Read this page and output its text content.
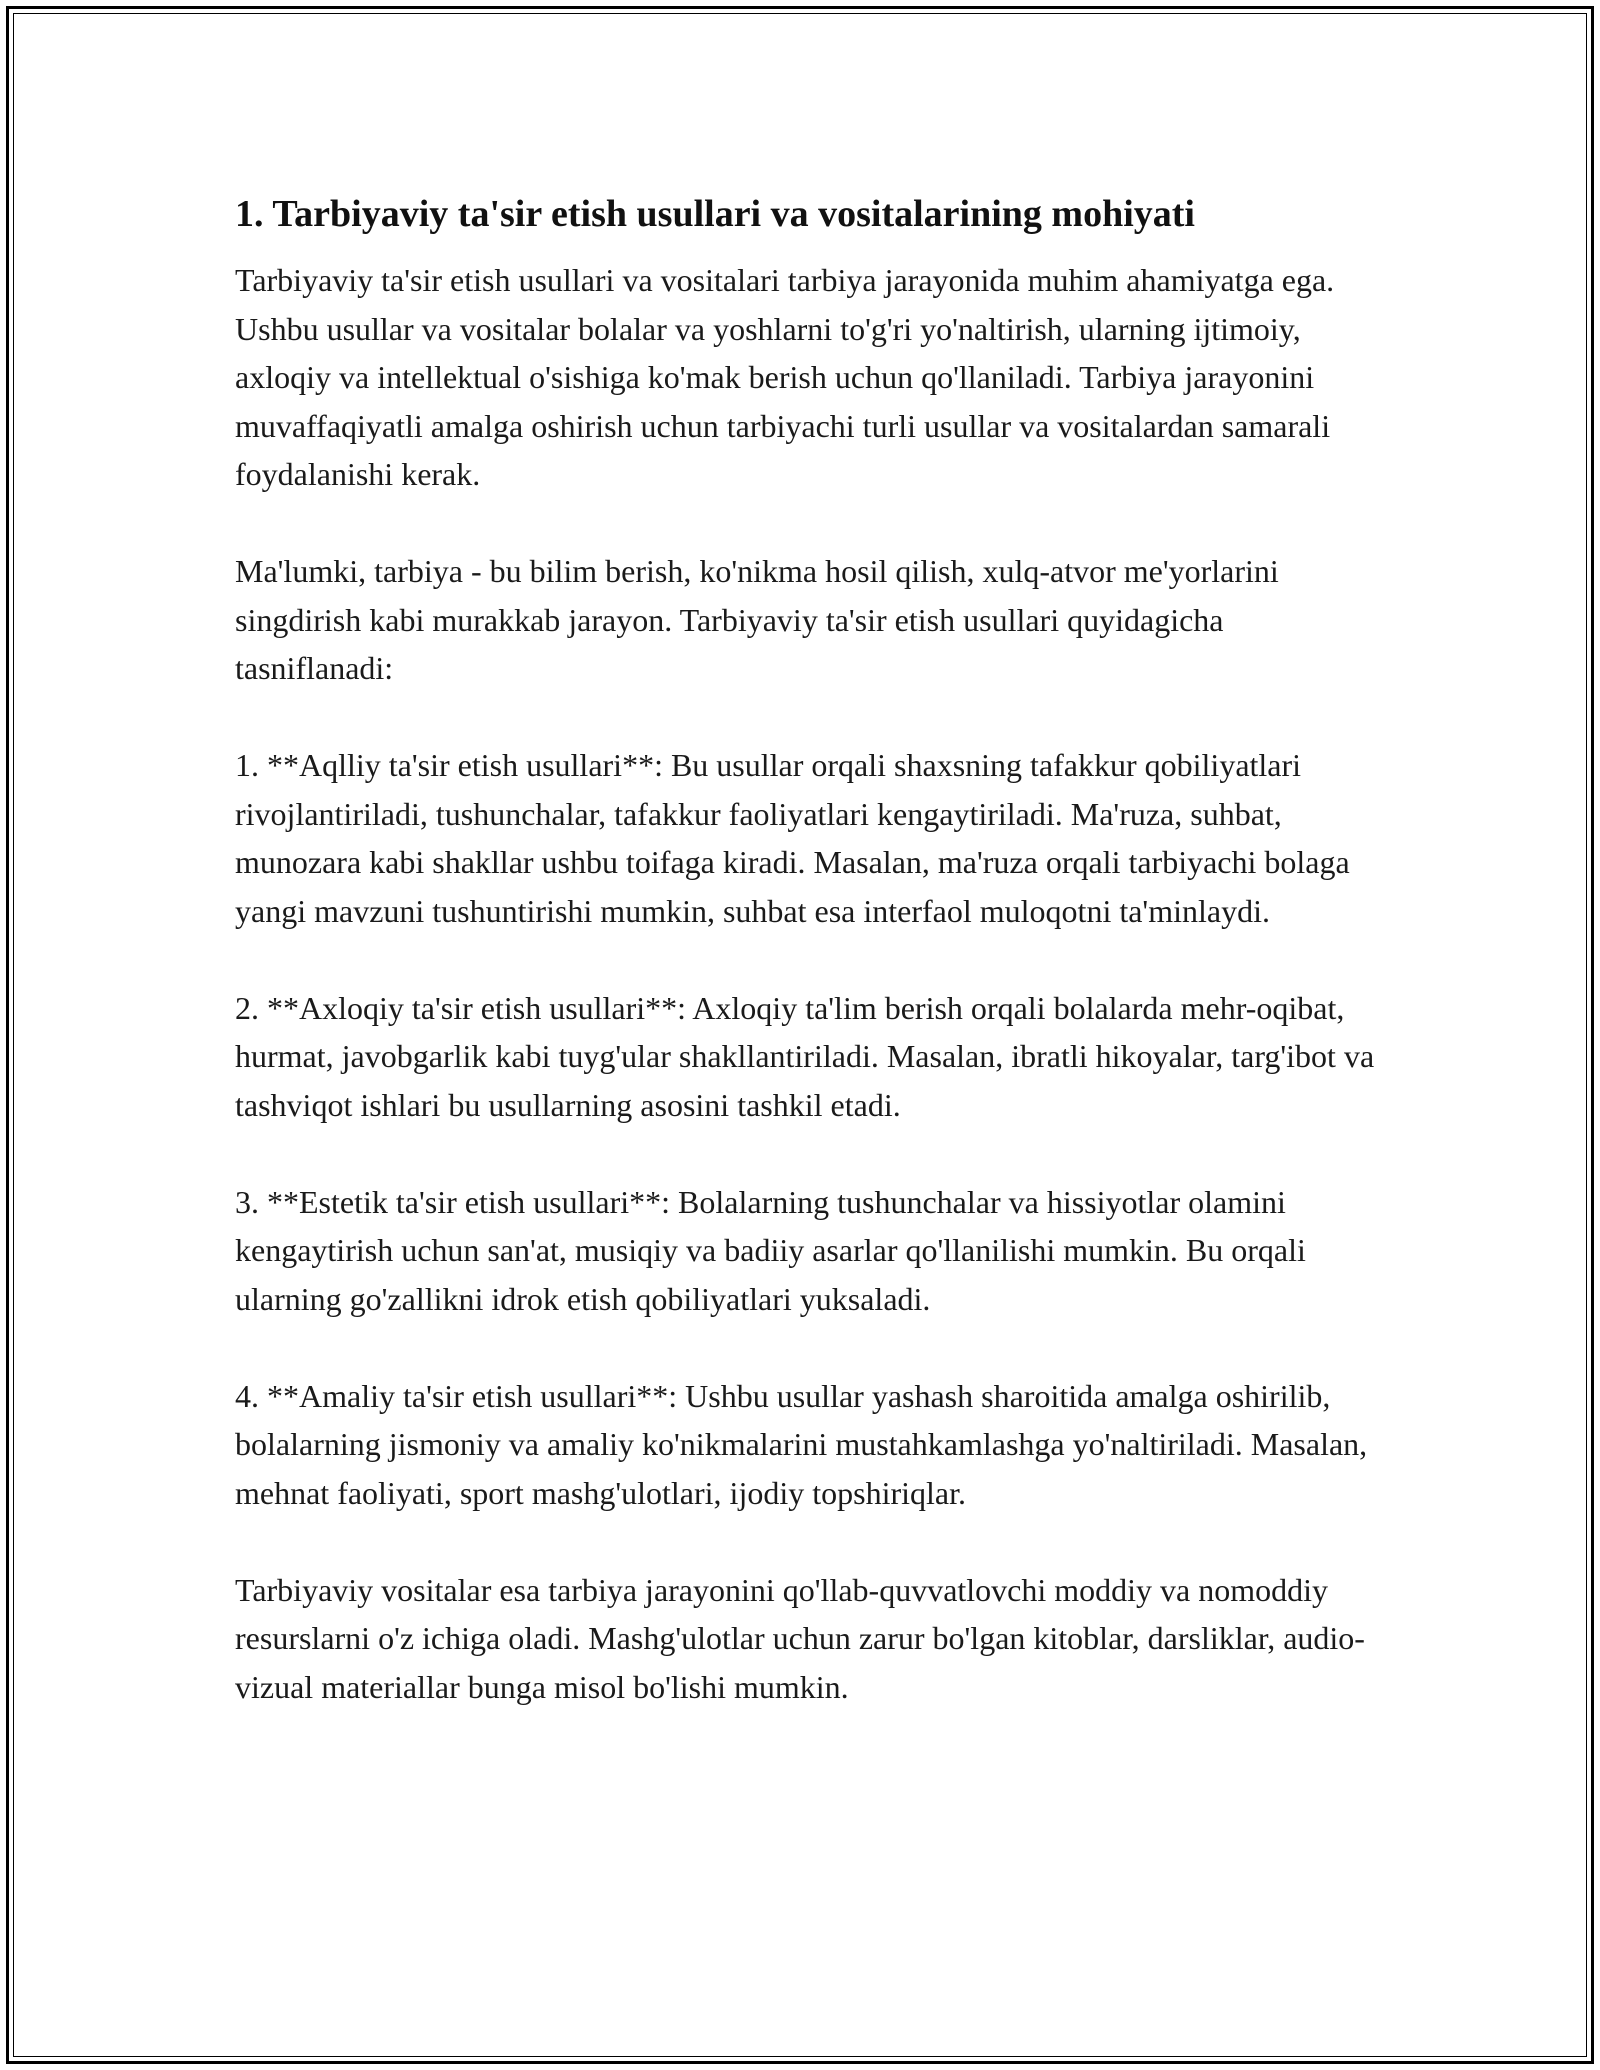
1. Tarbiyaviy ta'sir etish usullari va vositalarining mohiyati

Tarbiyaviy ta'sir etish usullari va vositalari tarbiya jarayonida muhim ahamiyatga ega. Ushbu usullar va vositalar bolalar va yoshlarni to'g'ri yo'naltirish, ularning ijtimoiy, axloqiy va intellektual o'sishiga ko'mak berish uchun qo'llaniladi. Tarbiya jarayonini muvaffaqiyatli amalga oshirish uchun tarbiyachi turli usullar va vositalardan samarali foydalanishi kerak.

Ma'lumki, tarbiya - bu bilim berish, ko'nikma hosil qilish, xulq-atvor me'yorlarini singdirish kabi murakkab jarayon. Tarbiyaviy ta'sir etish usullari quyidagicha tasniflanadi:

1. **Aqlliy ta'sir etish usullari**: Bu usullar orqali shaxsning tafakkur qobiliyatlari rivojlantiriladi, tushunchalar, tafakkur faoliyatlari kengaytiriladi. Ma'ruza, suhbat, munozara kabi shakllar ushbu toifaga kiradi. Masalan, ma'ruza orqali tarbiyachi bolaga yangi mavzuni tushuntirishi mumkin, suhbat esa interfaol muloqotni ta'minlaydi.

2. **Axloqiy ta'sir etish usullari**: Axloqiy ta'lim berish orqali bolalarda mehr-oqibat, hurmat, javobgarlik kabi tuyg'ular shakllantiriladi. Masalan, ibratli hikoyalar, targ'ibot va tashviqot ishlari bu usullarning asosini tashkil etadi.

3. **Estetik ta'sir etish usullari**: Bolalarning tushunchalar va hissiyotlar olamini kengaytirish uchun san'at, musiqiy va badiiy asarlar qo'llanilishi mumkin. Bu orqali ularning go'zallikni idrok etish qobiliyatlari yuksaladi.

4. **Amaliy ta'sir etish usullari**: Ushbu usullar yashash sharoitida amalga oshirilib, bolalarning jismoniy va amaliy ko'nikmalarini mustahkamlashga yo'naltiriladi. Masalan, mehnat faoliyati, sport mashg'ulotlari, ijodiy topshiriqlar.

Tarbiyaviy vositalar esa tarbiya jarayonini qo'llab-quvvatlovchi moddiy va nomoddiy resurslarni o'z ichiga oladi. Mashg'ulotlar uchun zarur bo'lgan kitoblar, darsliklar, audio-vizual materiallar bunga misol bo'lishi mumkin.
